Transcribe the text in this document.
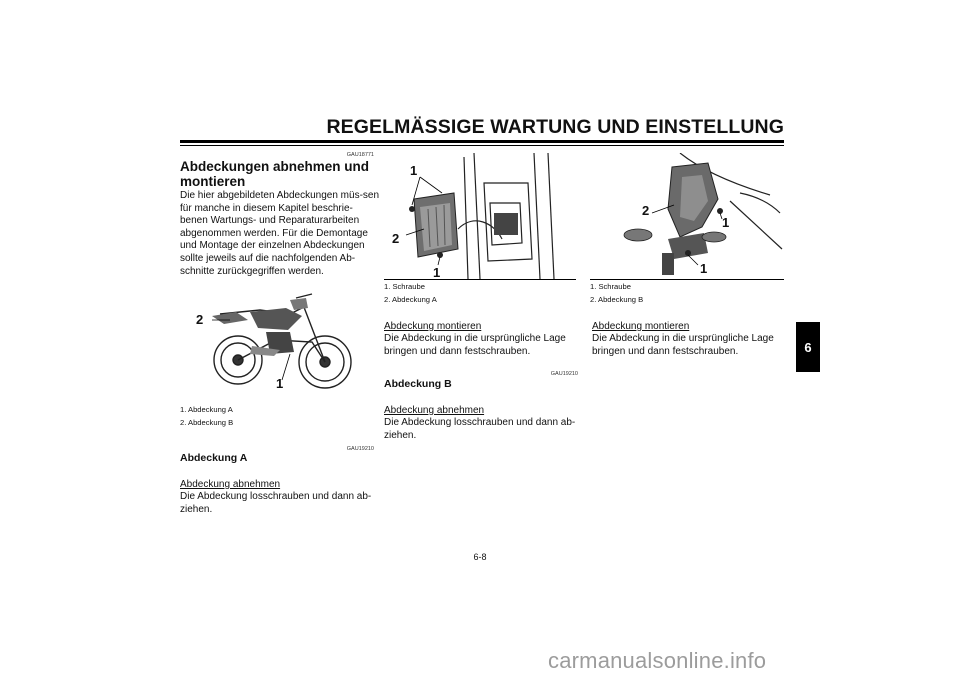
REGELMÄSSIGE WARTUNG UND EINSTELLUNG
GAU18771
Abdeckungen abnehmen und montieren
Die hier abgebildeten Abdeckungen müs-sen für manche in diesem Kapitel beschrie-benen Wartungs- und Reparaturarbeiten abgenommen werden. Für die Demontage und Montage der einzelnen Abdeckungen sollte jeweils auf die nachfolgenden Ab-schnitte zurückgegriffen werden.
2
1
1. Abdeckung A
2. Abdeckung B
GAU19210
Abdeckung A
Abdeckung abnehmen
Die Abdeckung losschrauben und dann ab-ziehen.
1
2
1
1. Schraube
2. Abdeckung A
Abdeckung montieren
Die Abdeckung in die ursprüngliche Lage bringen und dann festschrauben.
GAU19210
Abdeckung B
Abdeckung abnehmen
Die Abdeckung losschrauben und dann ab-ziehen.
2
1
1
1. Schraube
2. Abdeckung B
Abdeckung montieren
Die Abdeckung in die ursprüngliche Lage bringen und dann festschrauben.	6
6-8
carmanualsonline.info
